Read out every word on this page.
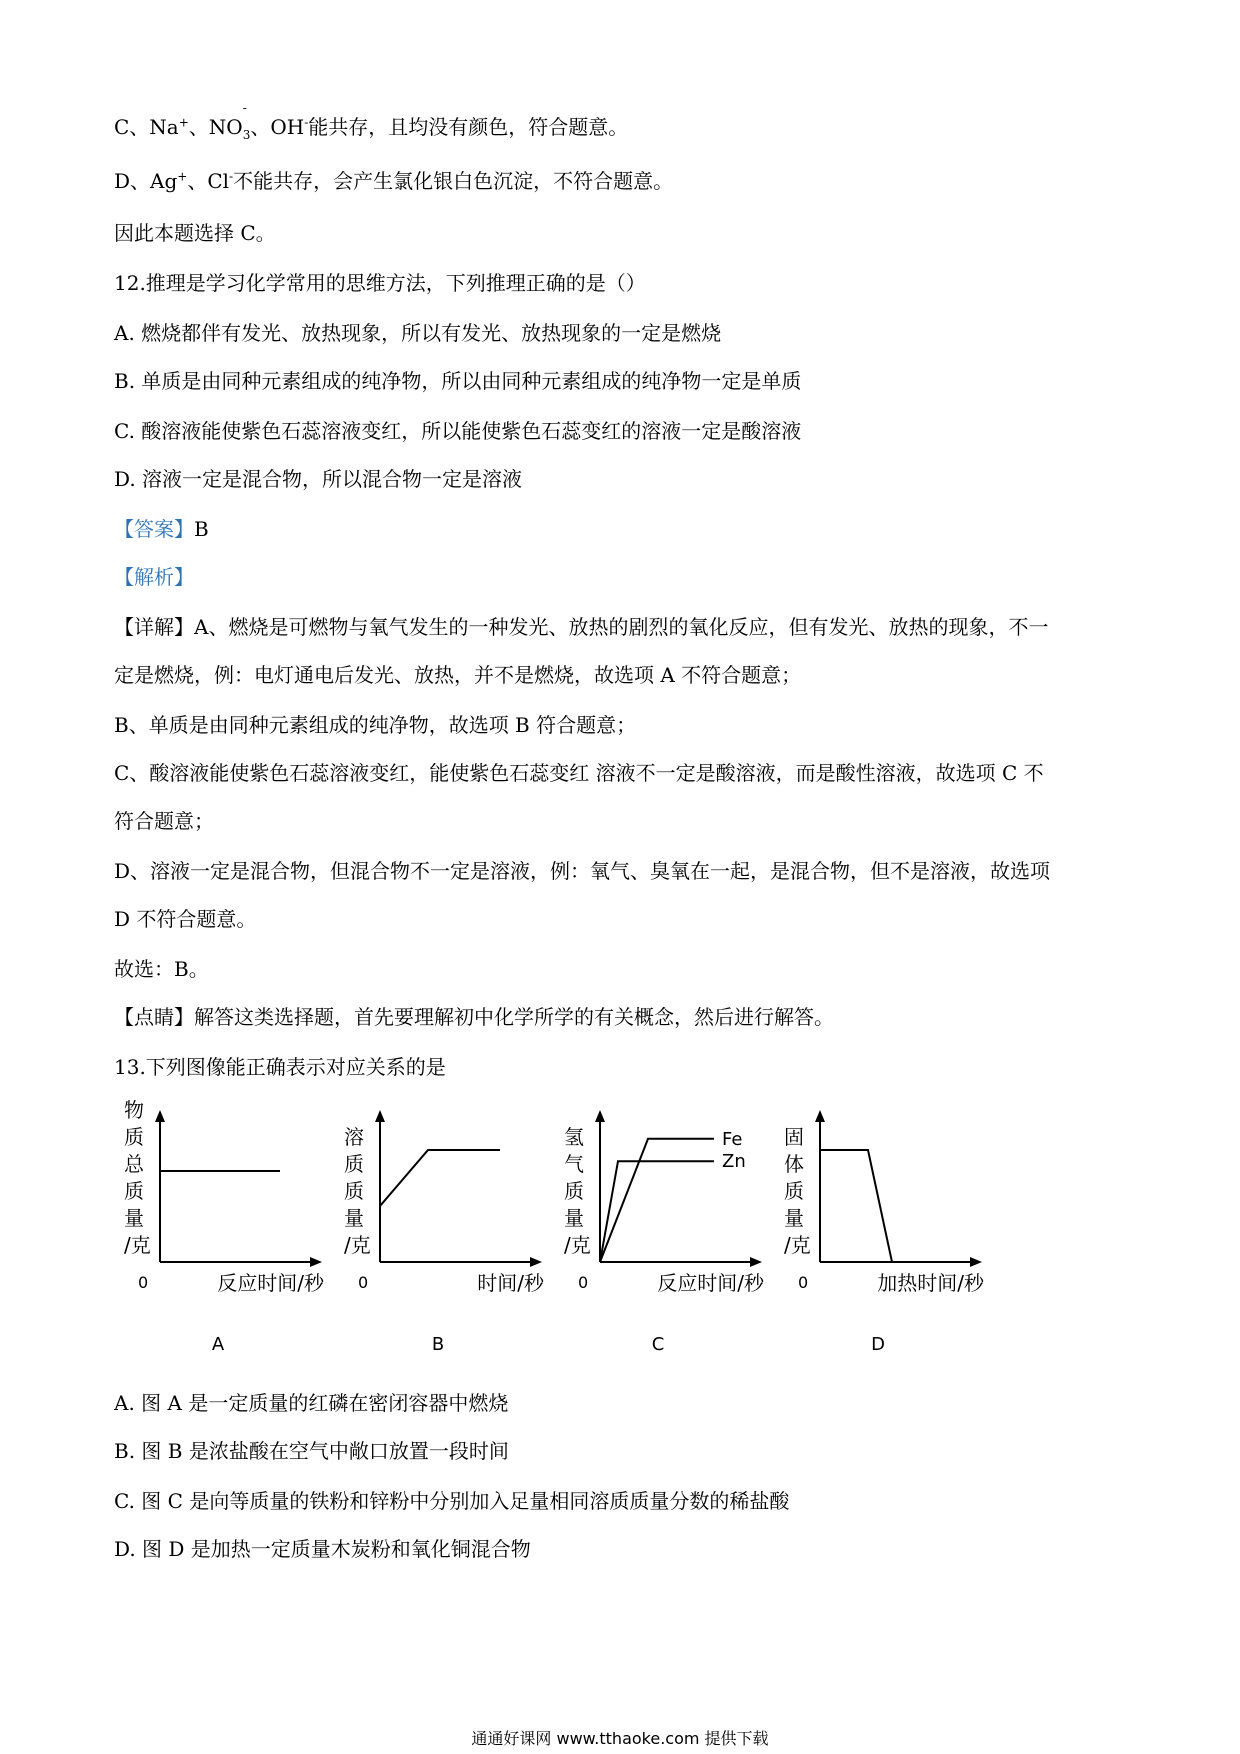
C、Na+、$NO_3$
-
、OH-能共存，且均没有颜色，符合题意。
D、Ag+、Cl-不能共存，会产生氯化银白色沉淀，不符合题意。
因此本题选择 C。
12.推理是学习化学常用的思维方法，下列推理正确的是（）
A. 燃烧都伴有发光、放热现象，所以有发光、放热现象的一定是燃烧
B. 单质是由同种元素组成的纯净物，所以由同种元素组成的纯净物一定是单质
C. 酸溶液能使紫色石蕊溶液变红，所以能使紫色石蕊变红的溶液一定是酸溶液
D. 溶液一定是混合物，所以混合物一定是溶液
【答案】B
【解析】
【详解】A、燃烧是可燃物与氧气发生的一种发光、放热的剧烈的氧化反应，但有发光、放热的现象，不一
定是燃烧，例：电灯通电后发光、放热，并不是燃烧，故选项 A 不符合题意；
B、单质是由同种元素组成的纯净物，故选项 B 符合题意；
C、酸溶液能使紫色石蕊溶液变红，能使紫色石蕊变红 溶液不一定是酸溶液，而是酸性溶液，故选项 C 不
符合题意；
D、溶液一定是混合物，但混合物不一定是溶液，例：氧气、臭氧在一起，是混合物，但不是溶液，故选项
D 不符合题意。
故选：B。
【点睛】解答这类选择题，首先要理解初中化学所学的有关概念，然后进行解答。
13.下列图像能正确表示对应关系的是
0
物
质
总
质
量
/克
反应时间/秒
A
0
溶
质
质
量
/克
时间/秒
B
0
氢
气
质
量
/克
反应时间/秒
Fe
Zn
C
0
固
体
质
量
/克
加热时间/秒
D
A. 图 A 是一定质量的红磷在密闭容器中燃烧
B. 图 B 是浓盐酸在空气中敞口放置一段时间
C. 图 C 是向等质量的铁粉和锌粉中分别加入足量相同溶质质量分数的稀盐酸
D. 图 D 是加热一定质量木炭粉和氧化铜混合物
通通好课网 www.tthaoke.com 提供下载
